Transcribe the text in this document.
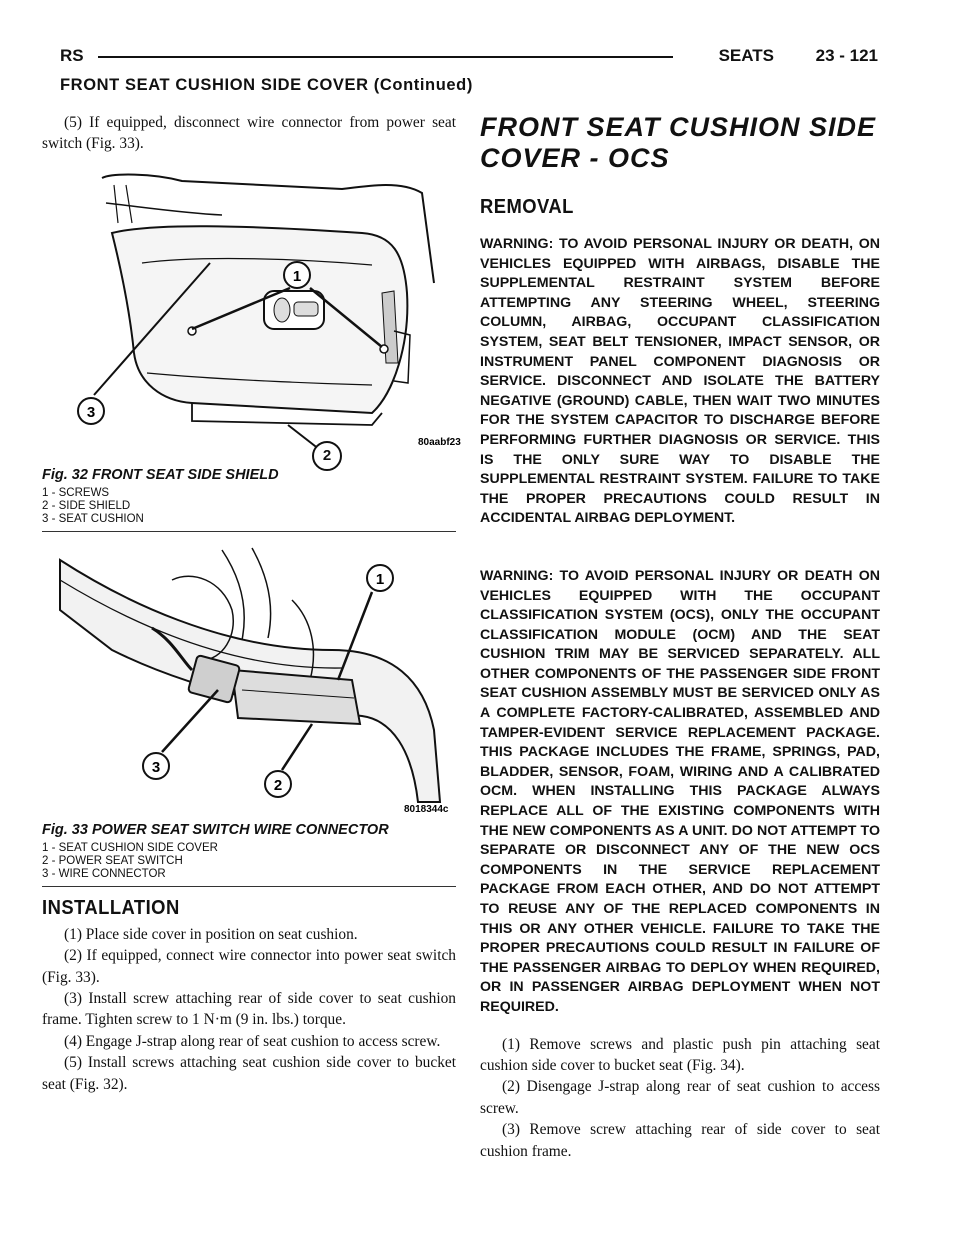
RS	SEATS 23 - 121
FRONT SEAT CUSHION SIDE COVER (Continued)

(5) If equipped, disconnect wire connector from power seat switch (Fig. 33).

1
3
80aabf23
2
Fig. 32 FRONT SEAT SIDE SHIELD
1 - SCREWS
2 - SIDE SHIELD
3 - SEAT CUSHION
1
2
3
8018344c
Fig. 33 POWER SEAT SWITCH WIRE CONNECTOR
1 - SEAT CUSHION SIDE COVER
2 - POWER SEAT SWITCH
3 - WIRE CONNECTOR
INSTALLATION

(1) Place side cover in position on seat cushion.

(2) If equipped, connect wire connector into power seat switch (Fig. 33).

(3) Install screw attaching rear of side cover to seat cushion frame. Tighten screw to 1 N·m (9 in. lbs.) torque.

(4) Engage J-strap along rear of seat cushion to access screw.

(5) Install screws attaching seat cushion side cover to bucket seat (Fig. 32).

FRONT SEAT CUSHION SIDE COVER - OCS
REMOVAL

WARNING: TO AVOID PERSONAL INJURY OR DEATH, ON VEHICLES EQUIPPED WITH AIRBAGS, DISABLE THE SUPPLEMENTAL RESTRAINT SYSTEM BEFORE ATTEMPTING ANY STEERING WHEEL, STEERING COLUMN, AIRBAG, OCCUPANT CLASSIFICATION SYSTEM, SEAT BELT TENSIONER, IMPACT SENSOR, OR INSTRUMENT PANEL COMPONENT DIAGNOSIS OR SERVICE. DISCONNECT AND ISOLATE THE BATTERY NEGATIVE (GROUND) CABLE, THEN WAIT TWO MINUTES FOR THE SYSTEM CAPACITOR TO DISCHARGE BEFORE PERFORMING FURTHER DIAGNOSIS OR SERVICE. THIS IS THE ONLY SURE WAY TO DISABLE THE SUPPLEMENTAL RESTRAINT SYSTEM. FAILURE TO TAKE THE PROPER PRECAUTIONS COULD RESULT IN ACCIDENTAL AIRBAG DEPLOYMENT.

WARNING: TO AVOID PERSONAL INJURY OR DEATH ON VEHICLES EQUIPPED WITH THE OCCUPANT CLASSIFICATION SYSTEM (OCS), ONLY THE OCCUPANT CLASSIFICATION MODULE (OCM) AND THE SEAT CUSHION TRIM MAY BE SERVICED SEPARATELY. ALL OTHER COMPONENTS OF THE PASSENGER SIDE FRONT SEAT CUSHION ASSEMBLY MUST BE SERVICED ONLY AS A COMPLETE FACTORY-CALIBRATED, ASSEMBLED AND TAMPER-EVIDENT SERVICE REPLACEMENT PACKAGE. THIS PACKAGE INCLUDES THE FRAME, SPRINGS, PAD, BLADDER, SENSOR, FOAM, WIRING AND A CALIBRATED OCM. WHEN INSTALLING THIS PACKAGE ALWAYS REPLACE ALL OF THE EXISTING COMPONENTS WITH THE NEW COMPONENTS AS A UNIT. DO NOT ATTEMPT TO SEPARATE OR DISCONNECT ANY OF THE NEW OCS COMPONENTS IN THE SERVICE REPLACEMENT PACKAGE FROM EACH OTHER, AND DO NOT ATTEMPT TO REUSE ANY OF THE REPLACED COMPONENTS IN THIS OR ANY OTHER VEHICLE. FAILURE TO TAKE THE PROPER PRECAUTIONS COULD RESULT IN FAILURE OF THE PASSENGER AIRBAG TO DEPLOY WHEN REQUIRED, OR IN PASSENGER AIRBAG DEPLOYMENT WHEN NOT REQUIRED.

(1) Remove screws and plastic push pin attaching seat cushion side cover to bucket seat (Fig. 34).

(2) Disengage J-strap along rear of seat cushion to access screw.

(3) Remove screw attaching rear of side cover to seat cushion frame.
